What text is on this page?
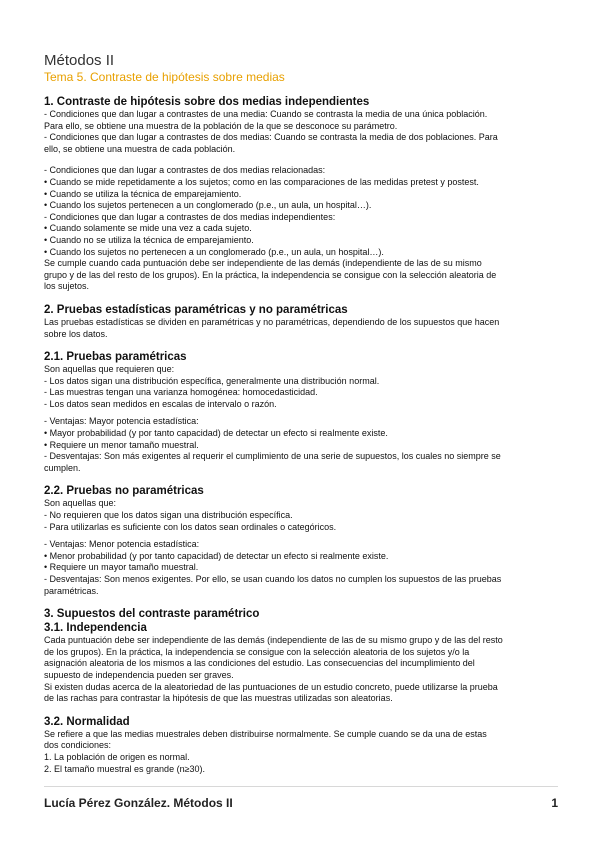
Métodos II

Tema 5. Contraste de hipótesis sobre medias

1. Contraste de hipótesis sobre dos medias independientes

- Condiciones que dan lugar a contrastes de una media: Cuando se contrasta la media de una única población.

Para ello, se obtiene una muestra de la población de la que se desconoce su parámetro.

- Condiciones que dan lugar a contrastes de dos medias: Cuando se contrasta la media de dos poblaciones. Para

ello, se obtiene una muestra de cada población.

- Condiciones que dan lugar a contrastes de dos medias relacionadas:

• Cuando se mide repetidamente a los sujetos; como en las comparaciones de las medidas pretest y postest.

• Cuando se utiliza la técnica de emparejamiento.

• Cuando los sujetos pertenecen a un conglomerado (p.e., un aula, un hospital…).

- Condiciones que dan lugar a contrastes de dos medias independientes:

• Cuando solamente se mide una vez a cada sujeto.

• Cuando no se utiliza la técnica de emparejamiento.

• Cuando los sujetos no pertenecen a un conglomerado (p.e., un aula, un hospital…).

Se cumple cuando cada puntuación debe ser independiente de las demás (independiente de las de su mismo

grupo y de las del resto de los grupos). En la práctica, la independencia se consigue con la selección aleatoria de

los sujetos.

2. Pruebas estadísticas paramétricas y no paramétricas

Las pruebas estadísticas se dividen en paramétricas y no paramétricas, dependiendo de los supuestos que hacen

sobre los datos.

2.1. Pruebas paramétricas

Son aquellas que requieren que:

- Los datos sigan una distribución específica, generalmente una distribución normal.

- Las muestras tengan una varianza homogénea: homocedasticidad.

- Los datos sean medidos en escalas de intervalo o razón.

- Ventajas: Mayor potencia estadística:

• Mayor probabilidad (y por tanto capacidad) de detectar un efecto si realmente existe.

• Requiere un menor tamaño muestral.

- Desventajas: Son más exigentes al requerir el cumplimiento de una serie de supuestos, los cuales no siempre se

cumplen.

2.2. Pruebas no paramétricas

Son aquellas que:

- No requieren que los datos sigan una distribución específica.

- Para utilizarlas es suficiente con los datos sean ordinales o categóricos.

- Ventajas: Menor potencia estadística:

• Menor probabilidad (y por tanto capacidad) de detectar un efecto si realmente existe.

• Requiere un mayor tamaño muestral.

- Desventajas: Son menos exigentes. Por ello, se usan cuando los datos no cumplen los supuestos de las pruebas

paramétricas.

3. Supuestos del contraste paramétrico
3.1. Independencia

Cada puntuación debe ser independiente de las demás (independiente de las de su mismo grupo y de las del resto

de los grupos). En la práctica, la independencia se consigue con la selección aleatoria de los sujetos y/o la

asignación aleatoria de los mismos a las condiciones del estudio. Las consecuencias del incumplimiento del

supuesto de independencia pueden ser graves.

Si existen dudas acerca de la aleatoriedad de las puntuaciones de un estudio concreto, puede utilizarse la prueba

de las rachas para contrastar la hipótesis de que las muestras utilizadas son aleatorias.

3.2. Normalidad

Se refiere a que las medias muestrales deben distribuirse normalmente. Se cumple cuando se da una de estas

dos condiciones:

1. La población de origen es normal.

2. El tamaño muestral es grande (n≥30).

Lucía Pérez González. Métodos II	1
